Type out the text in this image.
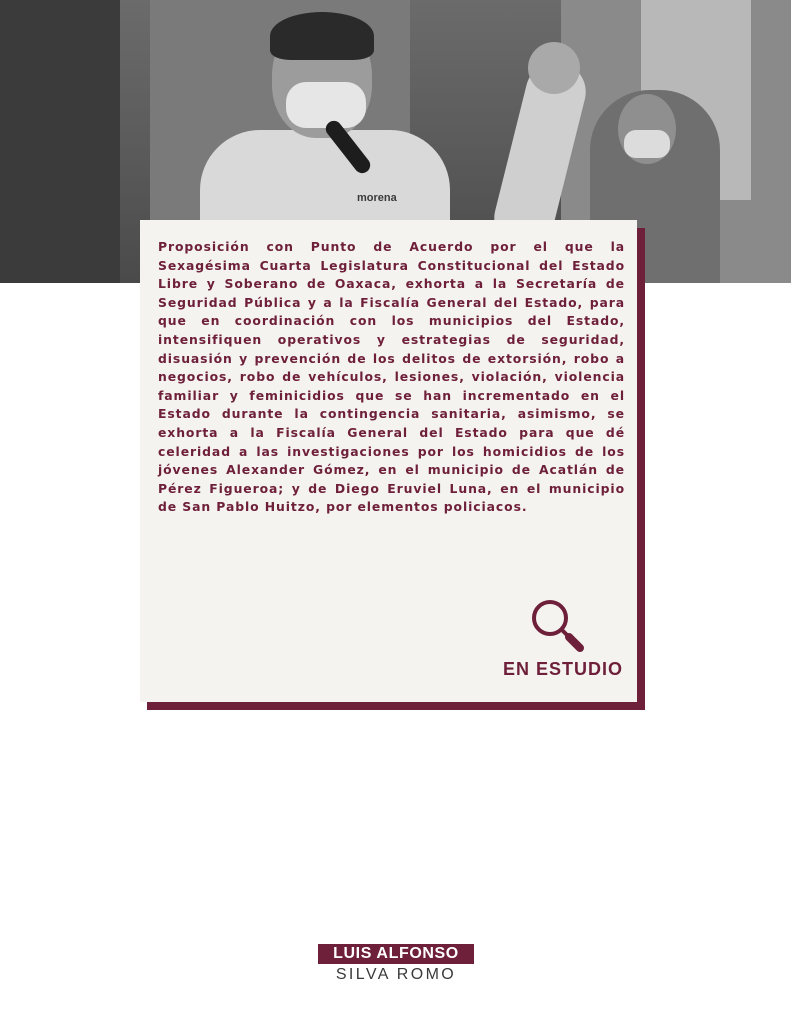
morena

Proposición con Punto de Acuerdo por el que la Sexagésima Cuarta Legislatura Constitucional del Estado Libre y Soberano de Oaxaca, exhorta a la Secretaría de Seguridad Pública y a la Fiscalía General del Estado, para que en coordinación con los municipios del Estado, intensifiquen operativos y estrategias de seguridad, disuasión y prevención de los delitos de extorsión, robo a negocios, robo de vehículos, lesiones, violación, violencia familiar y feminicidios que se han incrementado en el Estado durante la contingencia sanitaria, asimismo, se exhorta a la Fiscalía General del Estado para que dé celeridad a las investigaciones por los homicidios de los jóvenes Alexander Gómez, en el municipio de Acatlán de Pérez Figueroa; y de Diego Eruviel Luna, en el municipio de San Pablo Huitzo, por elementos policiacos.

EN ESTUDIO
LUIS ALFONSO
SILVA ROMO
